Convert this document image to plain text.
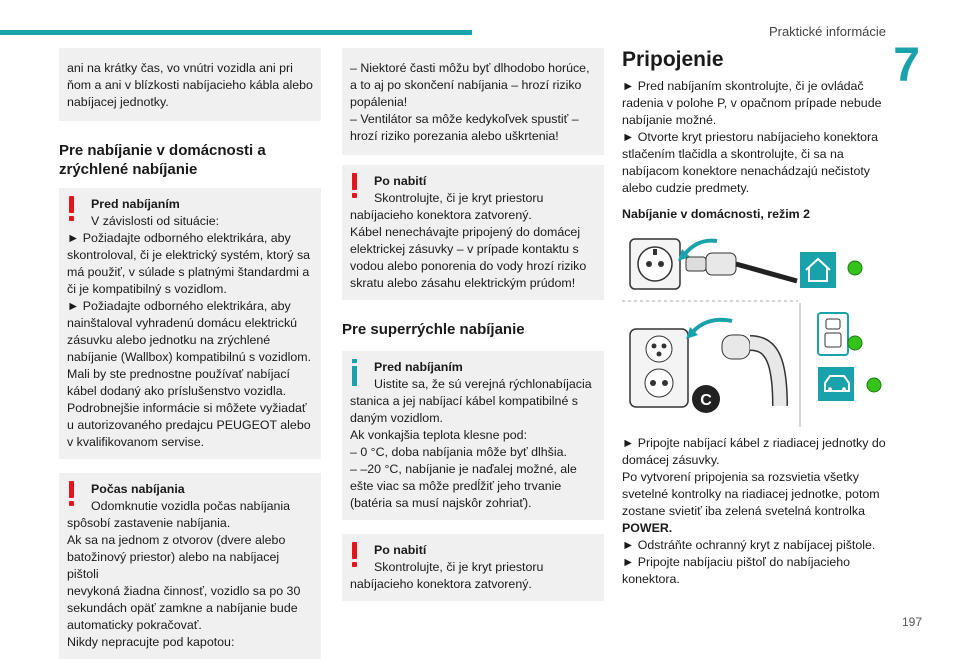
Praktické informácie
7
197
ani na krátky čas, vo vnútri vozidla ani pri
ňom a ani v blízkosti nabíjacieho kábla alebo
nabíjacej jednotky.
Pre nabíjanie v domácnosti a
zrýchlené nabíjanie
Pred nabíjaním
V závislosti od situácie:
► Požiadajte odborného elektrikára, aby
skontroloval, či je elektrický systém, ktorý sa
má použiť, v súlade s platnými štandardmi a
či je kompatibilný s vozidlom.
► Požiadajte odborného elektrikára, aby
nainštaloval vyhradenú domácu elektrickú
zásuvku alebo jednotku na zrýchlené
nabíjanie (Wallbox) kompatibilnú s vozidlom.
Mali by ste prednostne používať nabíjací
kábel dodaný ako príslušenstvo vozidla.
Podrobnejšie informácie si môžete vyžiadať
u autorizovaného predajcu PEUGEOT alebo
v kvalifikovanom servise.
Počas nabíjania
Odomknutie vozidla počas nabíjania
spôsobí zastavenie nabíjania.
Ak sa na jednom z otvorov (dvere alebo
batožinový priestor) alebo na nabíjacej pištoli
nevykoná žiadna činnosť, vozidlo sa po 30
sekundách opäť zamkne a nabíjanie bude
automaticky pokračovať.
Nikdy nepracujte pod kapotou:
– Niektoré časti môžu byť dlhodobo horúce,
a to aj po skončení nabíjania – hrozí riziko
popálenia!
– Ventilátor sa môže kedykoľvek spustiť –
hrozí riziko porezania alebo uškrtenia!
Po nabití
Skontrolujte, či je kryt priestoru
nabíjacieho konektora zatvorený.
Kábel nenechávajte pripojený do domácej
elektrickej zásuvky – v prípade kontaktu s
vodou alebo ponorenia do vody hrozí riziko
skratu alebo zásahu elektrickým prúdom!
Pre superrýchle nabíjanie
Pred nabíjaním
Uistite sa, že sú verejná rýchlonabíjacia
stanica a jej nabíjací kábel kompatibilné s
daným vozidlom.
Ak vonkajšia teplota klesne pod:
– 0 °C, doba nabíjania môže byť dlhšia.
– –20 °C, nabíjanie je naďalej možné, ale
ešte viac sa môže predĺžiť jeho trvanie
(batéria sa musí najskôr zohriať).
Po nabití
Skontrolujte, či je kryt priestoru
nabíjacieho konektora zatvorený.
Pripojenie
► Pred nabíjaním skontrolujte, či je ovládač
radenia v polohe P, v opačnom prípade nebude
nabíjanie možné.
► Otvorte kryt priestoru nabíjacieho konektora
stlačením tlačidla a skontrolujte, či sa na
nabíjacom konektore nenachádzajú nečistoty
alebo cudzie predmety.
Nabíjanie v domácnosti, režim 2
C
► Pripojte nabíjací kábel z riadiacej jednotky do
domácej zásuvky.
Po vytvorení pripojenia sa rozsvietia všetky
svetelné kontrolky na riadiacej jednotke, potom
zostane svietiť iba zelená svetelná kontrolka
POWER.
► Odstráňte ochranný kryt z nabíjacej pištole.
► Pripojte nabíjaciu pištoľ do nabíjacieho
konektora.
